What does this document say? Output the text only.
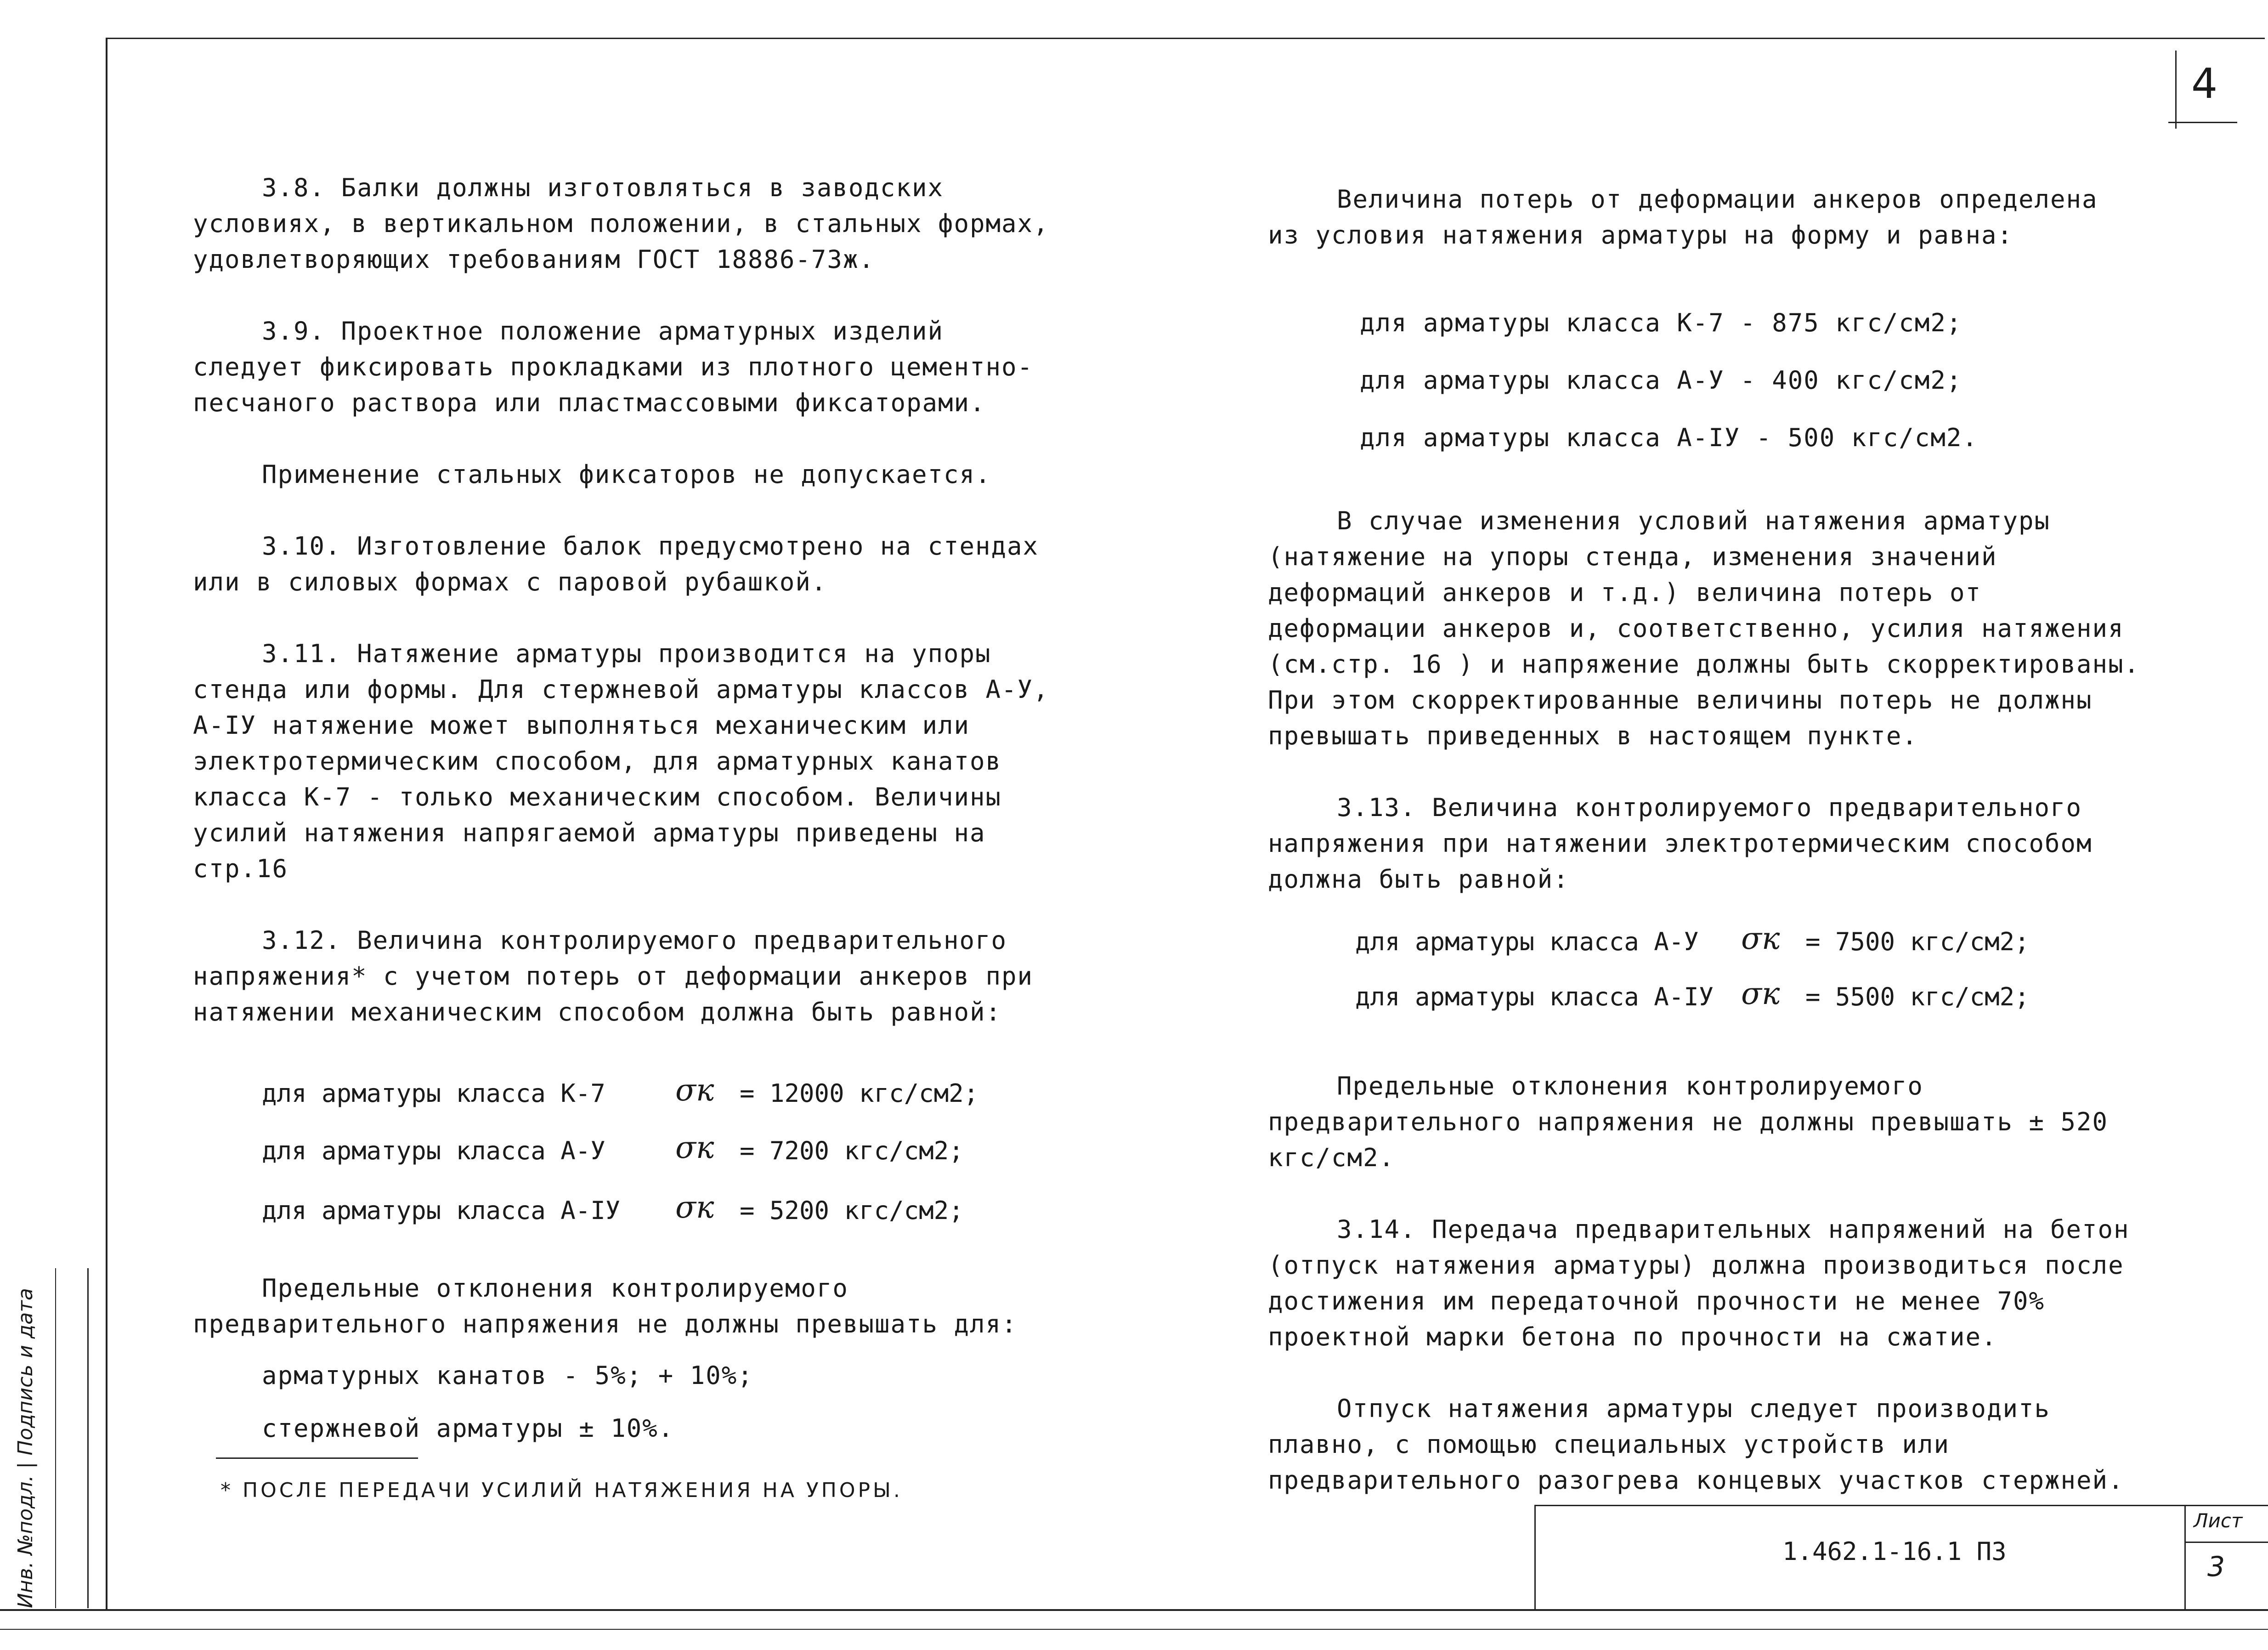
4

3.8. Балки должны изготовляться в заводских условиях, в вертикальном положении, в стальных формах, удовлетворяющих требованиям ГОСТ 18886-73ж.

3.9. Проектное положение арматурных изделий следует фиксировать прокладками из плотного цементно-песчаного раствора или пластмассовыми фиксаторами.

Применение стальных фиксаторов не допускается.

3.10. Изготовление балок предусмотрено на стендах или в силовых формах с паровой рубашкой.

3.11. Натяжение арматуры производится на упоры стенда или формы. Для стержневой арматуры классов А-У, А-IУ натяжение может выполняться механическим или электротермическим способом, для арматурных канатов класса К-7 - только механическим способом. Величины усилий натяжения напрягаемой арматуры приведены на стр.16

3.12. Величина контролируемого предварительного напряжения* с учетом потерь от деформации анкеров при натяжении механическим способом должна быть равной:

для арматуры класса К-7 σк = 12000 кгс/см2;
для арматуры класса А-У σк = 7200 кгс/см2;
для арматуры класса А-IУ σк = 5200 кгс/см2;

Предельные отклонения контролируемого предварительного напряжения не должны превышать для:

арматурных канатов - 5%; + 10%;
стержневой арматуры ± 10%.
* ПОСЛЕ ПЕРЕДАЧИ УСИЛИЙ НАТЯЖЕНИЯ НА УПОРЫ.

Величина потерь от деформации анкеров определена из условия натяжения арматуры на форму и равна:

для арматуры класса К-7 - 875 кгс/см2;

для арматуры класса А-У - 400 кгс/см2;

для арматуры класса А-IУ - 500 кгс/см2.

В случае изменения условий натяжения арматуры (натяжение на упоры стенда, изменения значений деформаций анкеров и т.д.) величина потерь от деформации анкеров и, соответственно, усилия натяжения (см.стр. 16 ) и напряжение должны быть скорректированы. При этом скорректированные величины потерь не должны превышать приведенных в настоящем пункте.

3.13. Величина контролируемого предварительного напряжения при натяжении электротермическим способом должна быть равной:

для арматуры класса А-У σк = 7500 кгс/см2;
для арматуры класса А-IУ σк = 5500 кгс/см2;

Предельные отклонения контролируемого предварительного напряжения не должны превышать ± 520 кгс/см2.

3.14. Передача предварительных напряжений на бетон (отпуск натяжения арматуры) должна производиться после достижения им передаточной прочности не менее 70% проектной марки бетона по прочности на сжатие.

Отпуск натяжения арматуры следует производить плавно, с помощью специальных устройств или предварительного разогрева концевых участков стержней.

1.462.1-16.1 ПЗ
Лист
3
Инв. №подл. | Подпись и дата
